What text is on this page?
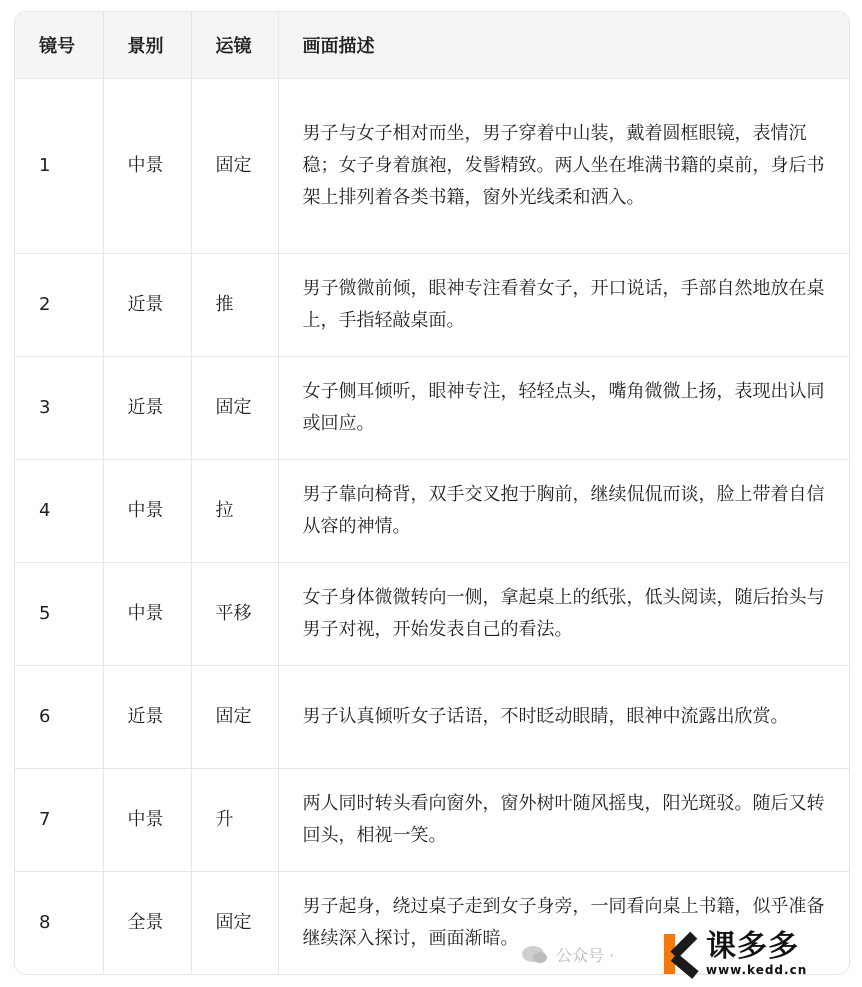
镜号	景别	运镜	画面描述
1	中景	固定	男子与女子相对而坐，男子穿着中山装，戴着圆框眼镜，表情沉稳；女子身着旗袍，发髻精致。两人坐在堆满书籍的桌前，身后书架上排列着各类书籍，窗外光线柔和洒入。
2	近景	推	男子微微前倾，眼神专注看着女子，开口说话，手部自然地放在桌上，手指轻敲桌面。
3	近景	固定	女子侧耳倾听，眼神专注，轻轻点头，嘴角微微上扬，表现出认同或回应。
4	中景	拉	男子靠向椅背，双手交叉抱于胸前，继续侃侃而谈，脸上带着自信从容的神情。
5	中景	平移	女子身体微微转向一侧，拿起桌上的纸张，低头阅读，随后抬头与男子对视，开始发表自己的看法。
6	近景	固定	男子认真倾听女子话语，不时眨动眼睛，眼神中流露出欣赏。
7	中景	升	两人同时转头看向窗外，窗外树叶随风摇曳，阳光斑驳。随后又转回头，相视一笑。
8	全景	固定	男子起身，绕过桌子走到女子身旁，一同看向桌上书籍，似乎准备继续深入探讨，画面渐暗。
公众号 ·	课多多
www.kedd.cn
